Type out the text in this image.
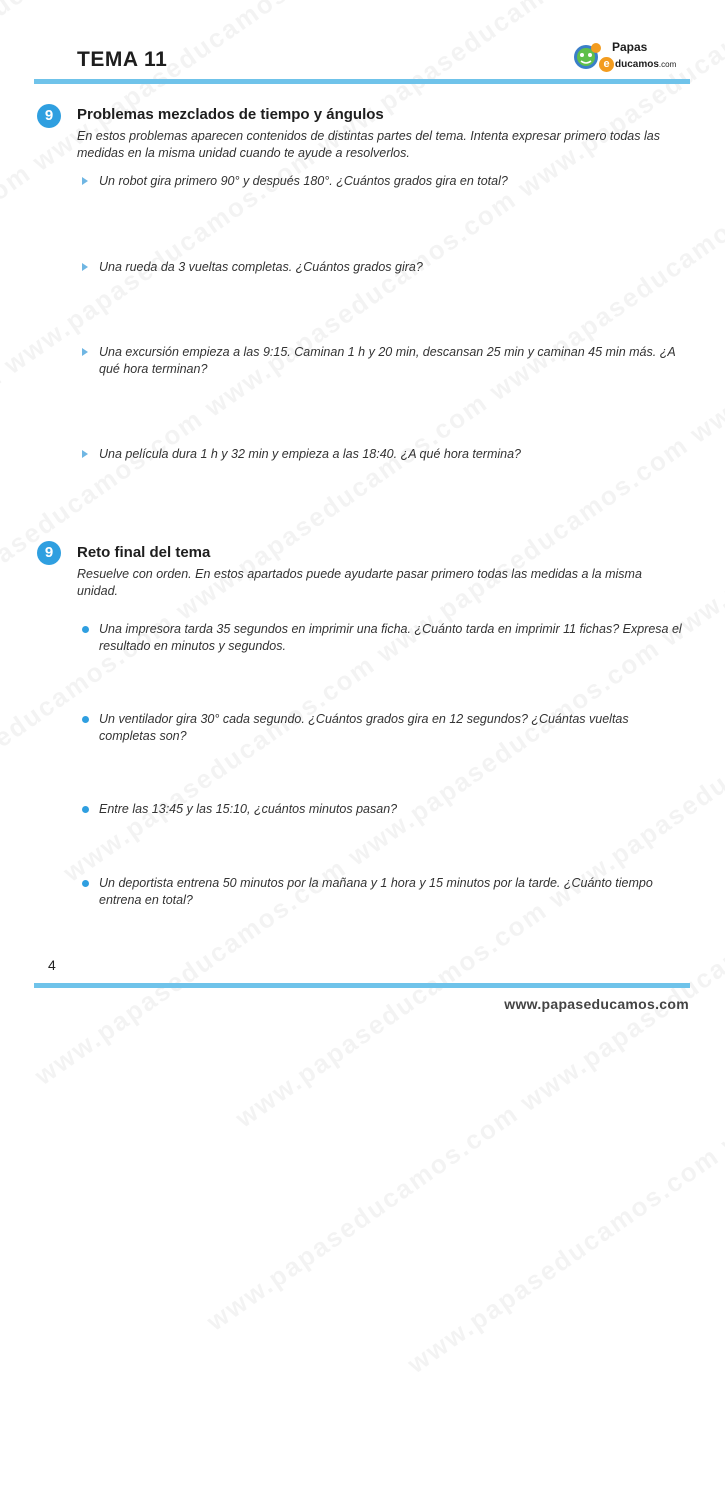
TEMA 11
Papas
e ducamos.com
9	Problemas mezclados de tiempo y ángulos
En estos problemas aparecen contenidos de distintas partes del tema. Intenta expresar primero todas las medidas en la misma unidad cuando te ayude a resolverlos.
Un robot gira primero 90° y después 180°. ¿Cuántos grados gira en total?
Una rueda da 3 vueltas completas. ¿Cuántos grados gira?
Una excursión empieza a las 9:15. Caminan 1 h y 20 min, descansan 25 min y caminan 45 min más. ¿A qué hora terminan?
Una película dura 1 h y 32 min y empieza a las 18:40. ¿A qué hora termina?
9	Reto final del tema
Resuelve con orden. En estos apartados puede ayudarte pasar primero todas las medidas a la misma unidad.
Una impresora tarda 35 segundos en imprimir una ficha. ¿Cuánto tarda en imprimir 11 fichas? Expresa el resultado en minutos y segundos.
Un ventilador gira 30° cada segundo. ¿Cuántos grados gira en 12 segundos? ¿Cuántas vueltas completas son?
Entre las 13:45 y las 15:10, ¿cuántos minutos pasan?
Un deportista entrena 50 minutos por la mañana y 1 hora y 15 minutos por la tarde. ¿Cuánto tiempo entrena en total?
4
www.papaseducamos.com
